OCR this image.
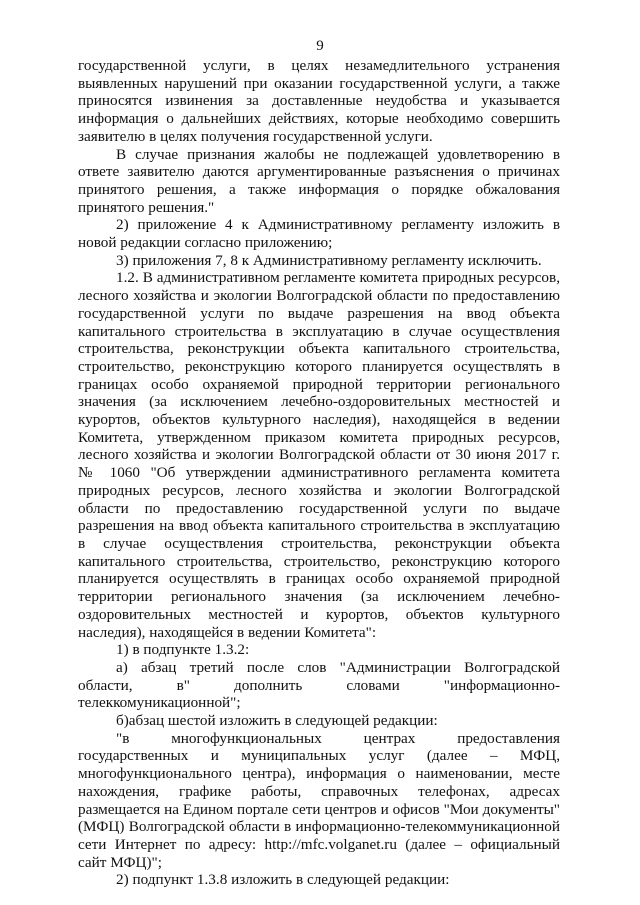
9

государственной услуги, в целях незамедлительного устранения выявленных нарушений при оказании государственной услуги, а также приносятся извинения за доставленные неудобства и указывается информация о дальнейших действиях, которые необходимо совершить заявителю в целях получения государственной услуги.

В случае признания жалобы не подлежащей удовлетворению в ответе заявителю даются аргументированные разъяснения о причинах принятого решения, а также информация о порядке обжалования принятого решения."

2) приложение 4 к Административному регламенту изложить в новой редакции согласно приложению;

3) приложения 7, 8 к Административному регламенту исключить.

1.2. В административном регламенте комитета природных ресурсов, лесного хозяйства и экологии Волгоградской области по предоставлению государственной услуги по выдаче разрешения на ввод объекта капитального строительства в эксплуатацию в случае осуществления строительства, реконструкции объекта капитального строительства, строительство, реконструкцию которого планируется осуществлять в границах особо охраняемой природной территории регионального значения (за исключением лечебно-оздоровительных местностей и курортов, объектов культурного наследия), находящейся в ведении Комитета, утвержденном приказом комитета природных ресурсов, лесного хозяйства и экологии Волгоградской области от 30 июня 2017 г. № 1060 "Об утверждении административного регламента комитета природных ресурсов, лесного хозяйства и экологии Волгоградской области по предоставлению государственной услуги по выдаче разрешения на ввод объекта капитального строительства в эксплуатацию в случае осуществления строительства, реконструкции объекта капитального строительства, строительство, реконструкцию которого планируется осуществлять в границах особо охраняемой природной территории регионального значения (за исключением лечебно-оздоровительных местностей и курортов, объектов культурного наследия), находящейся в ведении Комитета":

1) в подпункте 1.3.2:

а) абзац третий после слов "Администрации Волгоградской области, в" дополнить словами "информационно-телеккомуникационной";

б)абзац шестой изложить в следующей редакции:

"в многофункциональных центрах предоставления государственных и муниципальных услуг (далее – МФЦ, многофункционального центра), информация о наименовании, месте нахождения, графике работы, справочных телефонах, адресах размещается на Едином портале сети центров и офисов "Мои документы" (МФЦ) Волгоградской области в информационно-телекоммуникационной сети Интернет по адресу: http://mfc.volganet.ru (далее – официальный сайт МФЦ)";

2) подпункт 1.3.8 изложить в следующей редакции:
